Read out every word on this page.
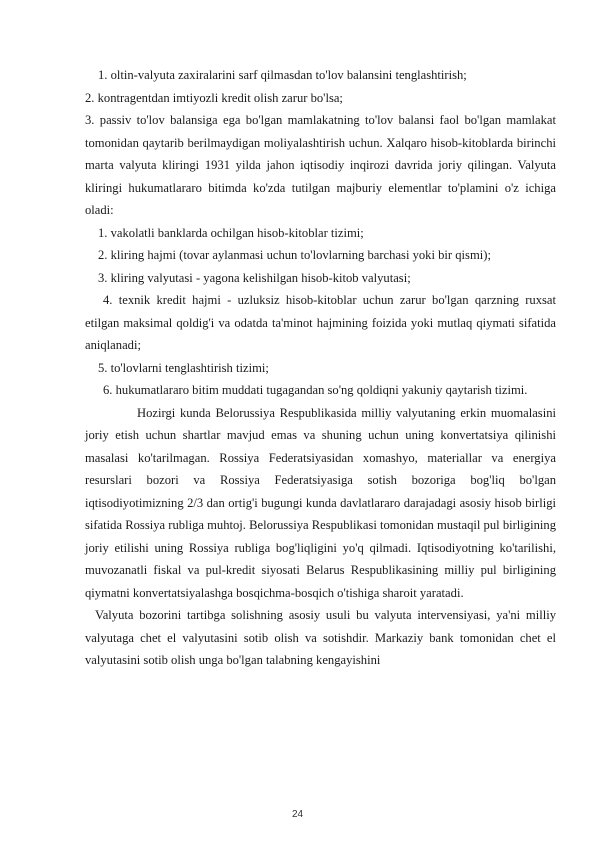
1. oltin-valyuta zaxiralarini sarf qilmasdan to'lov balansini tenglashtirish;

2. kontragentdan imtiyozli kredit olish zarur bo'lsa;

3. passiv to'lov balansiga ega bo'lgan mamlakatning to'lov balansi faol bo'lgan mamlakat tomonidan qaytarib berilmaydigan moliyalashtirish uchun. Xalqaro hisob-kitoblarda birinchi marta valyuta kliringi 1931 yilda jahon iqtisodiy inqirozi davrida joriy qilingan. Valyuta kliringi hukumatlararo bitimda ko'zda tutilgan majburiy elementlar to'plamini o'z ichiga oladi:

1. vakolatli banklarda ochilgan hisob-kitoblar tizimi;

2. kliring hajmi (tovar aylanmasi uchun to'lovlarning barchasi yoki bir qismi);

3. kliring valyutasi - yagona kelishilgan hisob-kitob valyutasi;

4. texnik kredit hajmi - uzluksiz hisob-kitoblar uchun zarur bo'lgan qarzning ruxsat etilgan maksimal qoldig'i va odatda ta'minot hajmining foizida yoki mutlaq qiymati sifatida aniqlanadi;

5. to'lovlarni tenglashtirish tizimi;

6. hukumatlararo bitim muddati tugagandan so'ng qoldiqni yakuniy qaytarish tizimi.

Hozirgi kunda Belorussiya Respublikasida milliy valyutaning erkin muomalasini joriy etish uchun shartlar mavjud emas va shuning uchun uning konvertatsiya qilinishi masalasi ko'tarilmagan. Rossiya Federatsiyasidan xomashyo, materiallar va energiya resurslari bozori va Rossiya Federatsiyasiga sotish bozoriga bog'liq bo'lgan iqtisodiyotimizning 2/3 dan ortig'i bugungi kunda davlatlararo darajadagi asosiy hisob birligi sifatida Rossiya rubliga muhtoj. Belorussiya Respublikasi tomonidan mustaqil pul birligining joriy etilishi uning Rossiya rubliga bog'liqligini yo'q qilmadi. Iqtisodiyotning ko'tarilishi, muvozanatli fiskal va pul-kredit siyosati Belarus Respublikasining milliy pul birligining qiymatni konvertatsiyalashga bosqichma-bosqich o'tishiga sharoit yaratadi.

Valyuta bozorini tartibga solishning asosiy usuli bu valyuta intervensiyasi, ya'ni milliy valyutaga chet el valyutasini sotib olish va sotishdir. Markaziy bank tomonidan chet el valyutasini sotib olish unga bo'lgan talabning kengayishini

24
